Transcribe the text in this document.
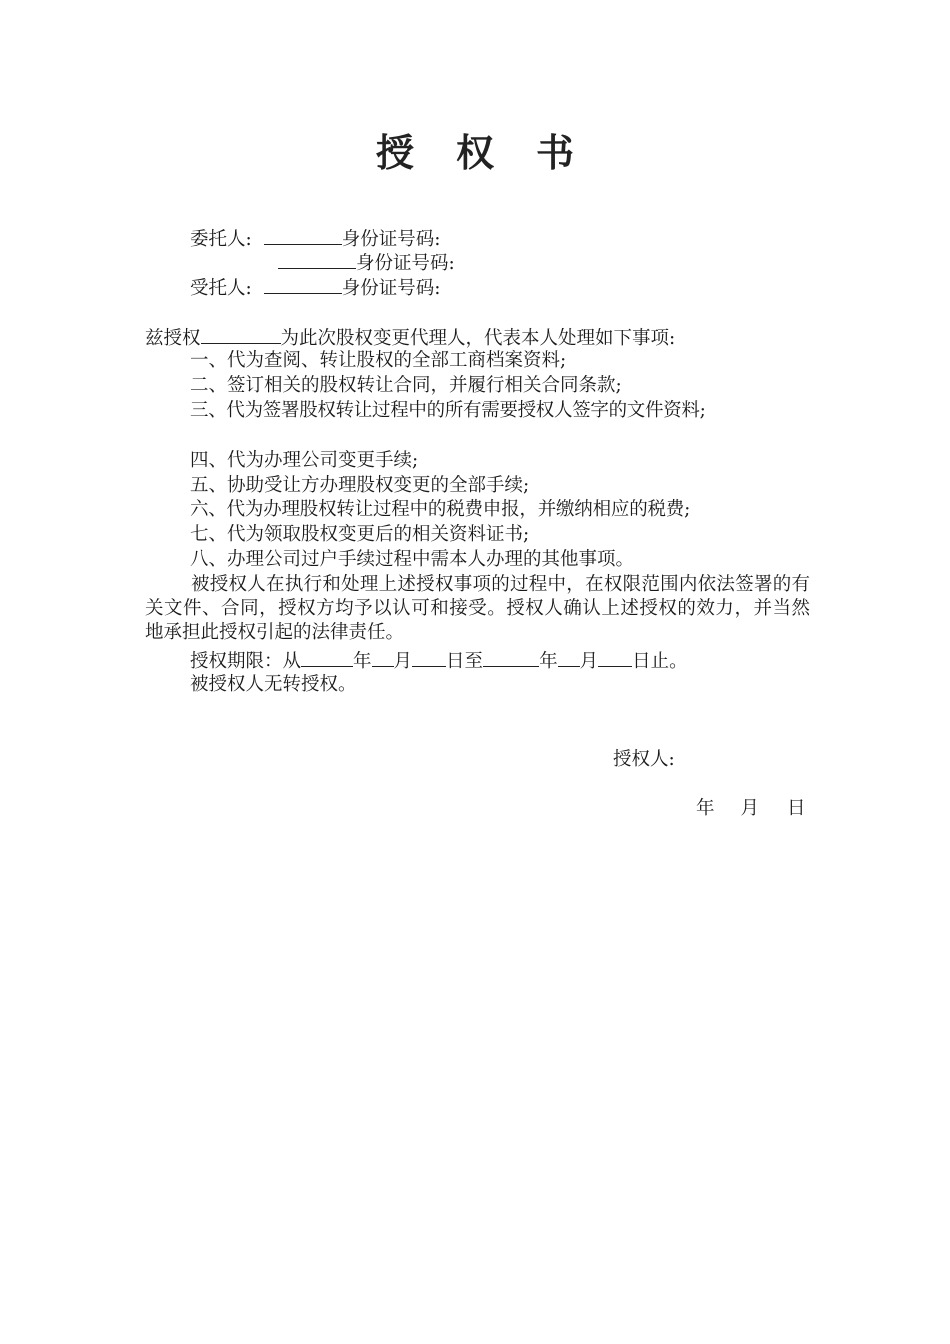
授 权 书
委托人:	身份证号码:
身份证号码:
受托人:	身份证号码:
兹授权	为此次股权变更代理人，代表本人处理如下事项:
一、代为查阅、转让股权的全部工商档案资料;
二、签订相关的股权转让合同，并履行相关合同条款;
三、代为签署股权转让过程中的所有需要授权人签字的文件资料;
四、代为办理公司变更手续;
五、协助受让方办理股权变更的全部手续;
六、代为办理股权转让过程中的税费申报，并缴纳相应的税费;
七、代为领取股权变更后的相关资料证书;
八、办理公司过户手续过程中需本人办理的其他事项。
被授权人在执行和处理上述授权事项的过程中，在权限范围内依法签署的有关文件、合同，授权方均予以认可和接受。授权人确认上述授权的效力，并当然地承担此授权引起的法律责任。
授权期限：从	年 月 日至	年 月 日止。
被授权人无转授权。
授权人:
年 月 日
